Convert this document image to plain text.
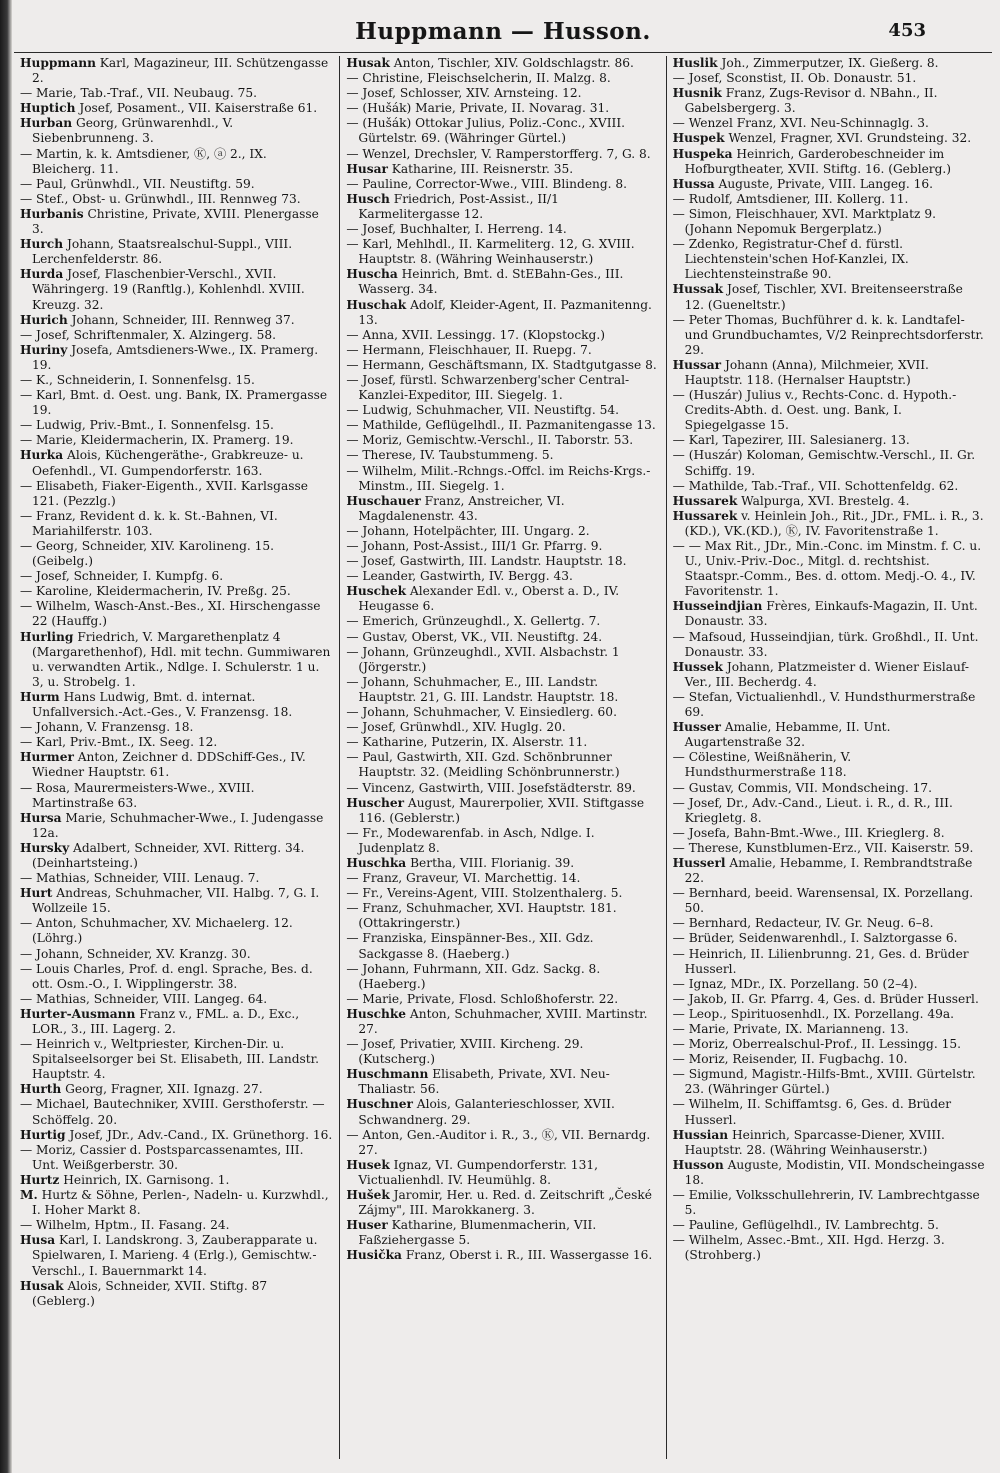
Huppmann — Husson.	453
Huppmann Karl, Magazineur, III. Schützengasse 2.
— Marie, Tab.-Traf., VII. Neubaug. 75.
Huptich Josef, Posament., VII. Kaiserstraße 61.
Hurban Georg, Grünwarenhdl., V. Siebenbrunneng. 3.
— Martin, k. k. Amtsdiener, Ⓚ, ⓐ 2., IX. Bleicherg. 11.
— Paul, Grünwhdl., VII. Neustiftg. 59.
— Stef., Obst- u. Grünwhdl., III. Rennweg 73.
Hurbanis Christine, Private, XVIII. Plenergasse 3.
Hurch Johann, Staatsrealschul-Suppl., VIII. Lerchenfelderstr. 86.
Hurda Josef, Flaschenbier-Verschl., XVII. Währingerg. 19 (Ranftlg.), Kohlenhdl. XVIII. Kreuzg. 32.
Hurich Johann, Schneider, III. Rennweg 37.
— Josef, Schriftenmaler, X. Alzingerg. 58.
Huriny Josefa, Amtsdieners-Wwe., IX. Pramerg. 19.
— K., Schneiderin, I. Sonnenfelsg. 15.
— Karl, Bmt. d. Oest. ung. Bank, IX. Pramergasse 19.
— Ludwig, Priv.-Bmt., I. Sonnenfelsg. 15.
— Marie, Kleidermacherin, IX. Pramerg. 19.
Hurka Alois, Küchengeräthe-, Grabkreuze- u. Oefenhdl., VI. Gumpendorferstr. 163.
— Elisabeth, Fiaker-Eigenth., XVII. Karlsgasse 121. (Pezzlg.)
— Franz, Revident d. k. k. St.-Bahnen, VI. Mariahilferstr. 103.
— Georg, Schneider, XIV. Karolineng. 15. (Geibelg.)
— Josef, Schneider, I. Kumpfg. 6.
— Karoline, Kleidermacherin, IV. Preßg. 25.
— Wilhelm, Wasch-Anst.-Bes., XI. Hirschengasse 22 (Hauffg.)
Hurling Friedrich, V. Margarethenplatz 4 (Margarethenhof), Hdl. mit techn. Gummiwaren u. verwandten Artik., Ndlge. I. Schulerstr. 1 u. 3, u. Strobelg. 1.
Hurm Hans Ludwig, Bmt. d. internat. Unfallversich.-Act.-Ges., V. Franzensg. 18.
— Johann, V. Franzensg. 18.
— Karl, Priv.-Bmt., IX. Seeg. 12.
Hurmer Anton, Zeichner d. DDSchiff-Ges., IV. Wiedner Hauptstr. 61.
— Rosa, Maurermeisters-Wwe., XVIII. Martinstraße 63.
Hursa Marie, Schuhmacher-Wwe., I. Judengasse 12a.
Hursky Adalbert, Schneider, XVI. Ritterg. 34. (Deinhartsteing.)
— Mathias, Schneider, VIII. Lenaug. 7.
Hurt Andreas, Schuhmacher, VII. Halbg. 7, G. I. Wollzeile 15.
— Anton, Schuhmacher, XV. Michaelerg. 12. (Löhrg.)
— Johann, Schneider, XV. Kranzg. 30.
— Louis Charles, Prof. d. engl. Sprache, Bes. d. ott. Osm.-O., I. Wipplingerstr. 38.
— Mathias, Schneider, VIII. Langeg. 64.
Hurter-Ausmann Franz v., FML. a. D., Exc., LOR., 3., III. Lagerg. 2.
— Heinrich v., Weltpriester, Kirchen-Dir. u. Spitalseelsorger bei St. Elisabeth, III. Landstr. Hauptstr. 4.
Hurth Georg, Fragner, XII. Ignazg. 27.
— Michael, Bautechniker, XVIII. Gersthoferstr. — Schöffelg. 20.
Hurtig Josef, JDr., Adv.-Cand., IX. Grünethorg. 16.
— Moriz, Cassier d. Postsparcassenamtes, III. Unt. Weißgerberstr. 30.
Hurtz Heinrich, IX. Garnisong. 1.
M. Hurtz & Söhne, Perlen-, Nadeln- u. Kurzwhdl., I. Hoher Markt 8.
— Wilhelm, Hptm., II. Fasang. 24.
Husa Karl, I. Landskrong. 3, Zauberapparate u. Spielwaren, I. Marieng. 4 (Erlg.), Gemischtw.-Verschl., I. Bauernmarkt 14.
Husak Alois, Schneider, XVII. Stiftg. 87 (Geblerg.)
Husak Anton, Tischler, XIV. Goldschlagstr. 86.
— Christine, Fleischselcherin, II. Malzg. 8.
— Josef, Schlosser, XIV. Arnsteing. 12.
— (Hušák) Marie, Private, II. Novarag. 31.
— (Hušák) Ottokar Julius, Poliz.-Conc., XVIII. Gürtelstr. 69. (Währinger Gürtel.)
— Wenzel, Drechsler, V. Ramperstorfferg. 7, G. 8.
Husar Katharine, III. Reisnerstr. 35.
— Pauline, Corrector-Wwe., VIII. Blindeng. 8.
Husch Friedrich, Post-Assist., II/1 Karmelitergasse 12.
— Josef, Buchhalter, I. Herreng. 14.
— Karl, Mehlhdl., II. Karmeliterg. 12, G. XVIII. Hauptstr. 8. (Währing Weinhauserstr.)
Huscha Heinrich, Bmt. d. StEBahn-Ges., III. Wasserg. 34.
Huschak Adolf, Kleider-Agent, II. Pazmanitenng. 13.
— Anna, XVII. Lessingg. 17. (Klopstockg.)
— Hermann, Fleischhauer, II. Ruepg. 7.
— Hermann, Geschäftsmann, IX. Stadtgutgasse 8.
— Josef, fürstl. Schwarzenberg'scher Central-Kanzlei-Expeditor, III. Siegelg. 1.
— Ludwig, Schuhmacher, VII. Neustiftg. 54.
— Mathilde, Geflügelhdl., II. Pazmanitengasse 13.
— Moriz, Gemischtw.-Verschl., II. Taborstr. 53.
— Therese, IV. Taubstummeng. 5.
— Wilhelm, Milit.-Rchngs.-Offcl. im Reichs-Krgs.-Minstm., III. Siegelg. 1.
Huschauer Franz, Anstreicher, VI. Magdalenenstr. 43.
— Johann, Hotelpächter, III. Ungarg. 2.
— Johann, Post-Assist., III/1 Gr. Pfarrg. 9.
— Josef, Gastwirth, III. Landstr. Hauptstr. 18.
— Leander, Gastwirth, IV. Bergg. 43.
Huschek Alexander Edl. v., Oberst a. D., IV. Heugasse 6.
— Emerich, Grünzeughdl., X. Gellertg. 7.
— Gustav, Oberst, VK., VII. Neustiftg. 24.
— Johann, Grünzeughdl., XVII. Alsbachstr. 1 (Jörgerstr.)
— Johann, Schuhmacher, E., III. Landstr. Hauptstr. 21, G. III. Landstr. Hauptstr. 18.
— Johann, Schuhmacher, V. Einsiedlerg. 60.
— Josef, Grünwhdl., XIV. Huglg. 20.
— Katharine, Putzerin, IX. Alserstr. 11.
— Paul, Gastwirth, XII. Gzd. Schönbrunner Hauptstr. 32. (Meidling Schönbrunnerstr.)
— Vincenz, Gastwirth, VIII. Josefstädterstr. 89.
Huscher August, Maurerpolier, XVII. Stiftgasse 116. (Geblerstr.)
— Fr., Modewarenfab. in Asch, Ndlge. I. Judenplatz 8.
Huschka Bertha, VIII. Florianig. 39.
— Franz, Graveur, VI. Marchettig. 14.
— Fr., Vereins-Agent, VIII. Stolzenthalerg. 5.
— Franz, Schuhmacher, XVI. Hauptstr. 181. (Ottakringerstr.)
— Franziska, Einspänner-Bes., XII. Gdz. Sackgasse 8. (Haeberg.)
— Johann, Fuhrmann, XII. Gdz. Sackg. 8. (Haeberg.)
— Marie, Private, Flosd. Schloßhoferstr. 22.
Huschke Anton, Schuhmacher, XVIII. Martinstr. 27.
— Josef, Privatier, XVIII. Kircheng. 29. (Kutscherg.)
Huschmann Elisabeth, Private, XVI. Neu-Thaliastr. 56.
Huschner Alois, Galanterieschlosser, XVII. Schwandnerg. 29.
— Anton, Gen.-Auditor i. R., 3., Ⓚ, VII. Bernardg. 27.
Husek Ignaz, VI. Gumpendorferstr. 131, Victualienhdl. IV. Heumühlg. 8.
Hušek Jaromir, Her. u. Red. d. Zeitschrift „České Zájmy", III. Marokkanerg. 3.
Huser Katharine, Blumenmacherin, VII. Faßziehergasse 5.
Husička Franz, Oberst i. R., III. Wassergasse 16.
Huslik Joh., Zimmerputzer, IX. Gießerg. 8.
— Josef, Sconstist, II. Ob. Donaustr. 51.
Husnik Franz, Zugs-Revisor d. NBahn., II. Gabelsbergerg. 3.
— Wenzel Franz, XVI. Neu-Schinnaglg. 3.
Huspek Wenzel, Fragner, XVI. Grundsteing. 32.
Huspeka Heinrich, Garderobeschneider im Hofburgtheater, XVII. Stiftg. 16. (Geblerg.)
Hussa Auguste, Private, VIII. Langeg. 16.
— Rudolf, Amtsdiener, III. Kollerg. 11.
— Simon, Fleischhauer, XVI. Marktplatz 9. (Johann Nepomuk Bergerplatz.)
— Zdenko, Registratur-Chef d. fürstl. Liechtenstein'schen Hof-Kanzlei, IX. Liechtensteinstraße 90.
Hussak Josef, Tischler, XVI. Breitenseerstraße 12. (Gueneltstr.)
— Peter Thomas, Buchführer d. k. k. Landtafel- und Grundbuchamtes, V/2 Reinprechtsdorferstr. 29.
Hussar Johann (Anna), Milchmeier, XVII. Hauptstr. 118. (Hernalser Hauptstr.)
— (Huszár) Julius v., Rechts-Conc. d. Hypoth.-Credits-Abth. d. Oest. ung. Bank, I. Spiegelgasse 15.
— Karl, Tapezirer, III. Salesianerg. 13.
— (Huszár) Koloman, Gemischtw.-Verschl., II. Gr. Schiffg. 19.
— Mathilde, Tab.-Traf., VII. Schottenfeldg. 62.
Hussarek Walpurga, XVI. Brestelg. 4.
Hussarek v. Heinlein Joh., Rit., JDr., FML. i. R., 3.(KD.), VK.(KD.), Ⓚ, IV. Favoritenstraße 1.
— — Max Rit., JDr., Min.-Conc. im Minstm. f. C. u. U., Univ.-Priv.-Doc., Mitgl. d. rechtshist. Staatspr.-Comm., Bes. d. ottom. Medj.-O. 4., IV. Favoritenstr. 1.
Husseindjian Frères, Einkaufs-Magazin, II. Unt. Donaustr. 33.
— Mafsoud, Husseindjian, türk. Großhdl., II. Unt. Donaustr. 33.
Hussek Johann, Platzmeister d. Wiener Eislauf-Ver., III. Becherdg. 4.
— Stefan, Victualienhdl., V. Hundsthurmerstraße 69.
Husser Amalie, Hebamme, II. Unt. Augartenstraße 32.
— Cölestine, Weißnäherin, V. Hundsthurmerstraße 118.
— Gustav, Commis, VII. Mondscheing. 17.
— Josef, Dr., Adv.-Cand., Lieut. i. R., d. R., III. Kriegletg. 8.
— Josefa, Bahn-Bmt.-Wwe., III. Krieglerg. 8.
— Therese, Kunstblumen-Erz., VII. Kaiserstr. 59.
Husserl Amalie, Hebamme, I. Rembrandtstraße 22.
— Bernhard, beeid. Warensensal, IX. Porzellang. 50.
— Bernhard, Redacteur, IV. Gr. Neug. 6–8.
— Brüder, Seidenwarenhdl., I. Salztorgasse 6.
— Heinrich, II. Lilienbrunng. 21, Ges. d. Brüder Husserl.
— Ignaz, MDr., IX. Porzellang. 50 (2–4).
— Jakob, II. Gr. Pfarrg. 4, Ges. d. Brüder Husserl.
— Leop., Spirituosenhdl., IX. Porzellang. 49a.
— Marie, Private, IX. Marianneng. 13.
— Moriz, Oberrealschul-Prof., II. Lessingg. 15.
— Moriz, Reisender, II. Fugbachg. 10.
— Sigmund, Magistr.-Hilfs-Bmt., XVIII. Gürtelstr. 23. (Währinger Gürtel.)
— Wilhelm, II. Schiffamtsg. 6, Ges. d. Brüder Husserl.
Hussian Heinrich, Sparcasse-Diener, XVIII. Hauptstr. 28. (Währing Weinhauserstr.)
Husson Auguste, Modistin, VII. Mondscheingasse 18.
— Emilie, Volksschullehrerin, IV. Lambrechtgasse 5.
— Pauline, Geflügelhdl., IV. Lambrechtg. 5.
— Wilhelm, Assec.-Bmt., XII. Hgd. Herzg. 3. (Strohberg.)
